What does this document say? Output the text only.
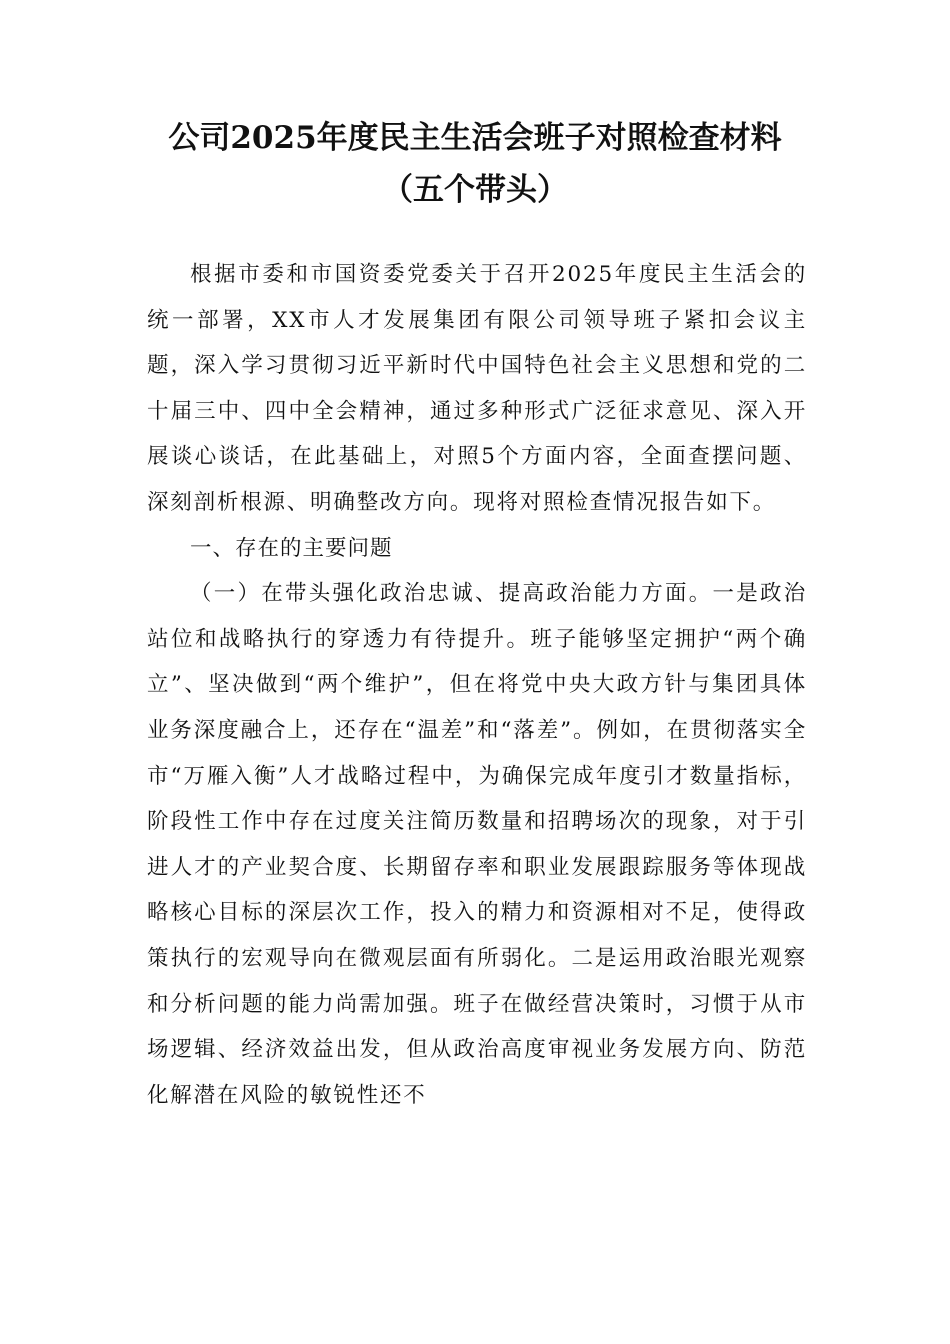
公司2025年度民主生活会班子对照检查材料（五个带头）

根据市委和市国资委党委关于召开2025年度民主生活会的统一部署，XX市人才发展集团有限公司领导班子紧扣会议主题，深入学习贯彻习近平新时代中国特色社会主义思想和党的二十届三中、四中全会精神，通过多种形式广泛征求意见、深入开展谈心谈话，在此基础上，对照5个方面内容，全面查摆问题、深刻剖析根源、明确整改方向。现将对照检查情况报告如下。

一、存在的主要问题

（一）在带头强化政治忠诚、提高政治能力方面。一是政治站位和战略执行的穿透力有待提升。班子能够坚定拥护“两个确立”、坚决做到“两个维护”，但在将党中央大政方针与集团具体业务深度融合上，还存在“温差”和“落差”。例如，在贯彻落实全市“万雁入衡”人才战略过程中，为确保完成年度引才数量指标，阶段性工作中存在过度关注简历数量和招聘场次的现象，对于引进人才的产业契合度、长期留存率和职业发展跟踪服务等体现战略核心目标的深层次工作，投入的精力和资源相对不足，使得政策执行的宏观导向在微观层面有所弱化。二是运用政治眼光观察和分析问题的能力尚需加强。班子在做经营决策时，习惯于从市场逻辑、经济效益出发，但从政治高度审视业务发展方向、防范化解潜在风险的敏锐性还不
